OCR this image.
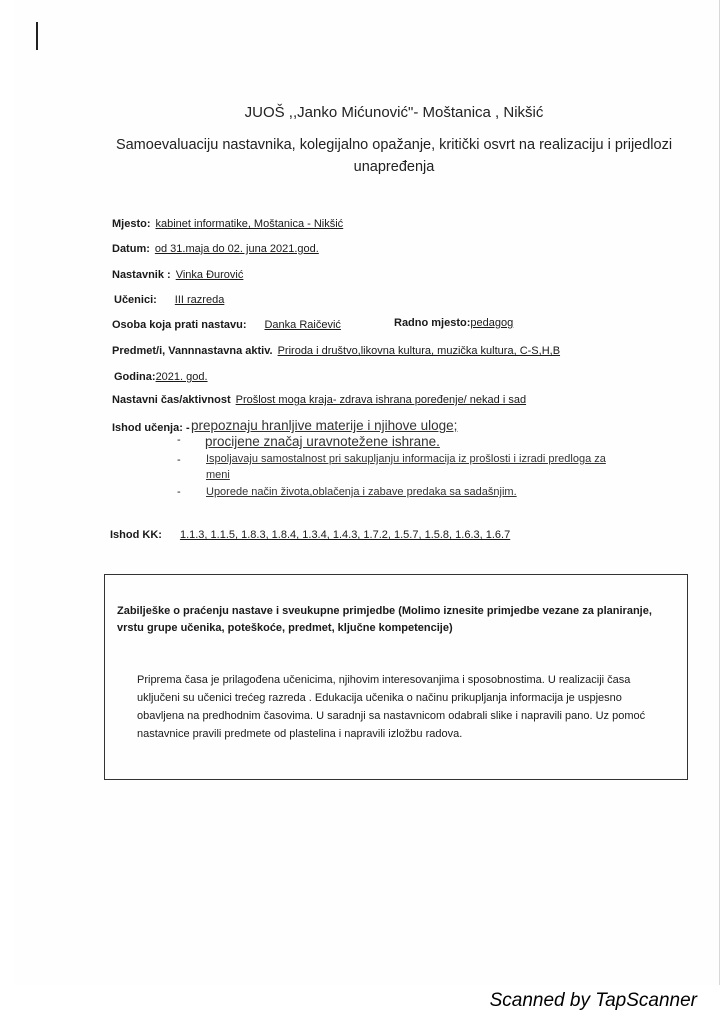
JUOŠ ,,Janko Mićunović"- Moštanica , Nikšić
Samoevaluaciju nastavnika, kolegijalno opažanje, kritički osvrt na realizaciju i prijedlozi unapređenja
Mjesto: kabinet informatike, Moštanica - Nikšić
Datum: od 31.maja do 02. juna 2021.god.
Nastavnik : Vinka Đurović
Učenici: III razreda
Osoba koja prati nastavu: Danka Raičević	Radno mjesto:pedagog
Predmet/i, Vannnastavna aktiv. Priroda i društvo,likovna kultura, muzička kultura, C-S,H,B
Godina:2021. god.
Nastavni čas/aktivnost Prošlost moga kraja- zdrava ishrana poređenje/ nekad i sad
Ishod učenja: - prepoznaju hranljive materije i njihove uloge;
- procijene značaj uravnotežene ishrane.
- Ispoljavaju samostalnost pri sakupljanju informacija iz prošlosti i izradi predloga za meni
- Uporede način života,oblačenja i zabave predaka sa sadašnjim.
Ishod KK: 1.1.3, 1.1.5, 1.8.3, 1.8.4, 1.3.4, 1.4.3, 1.7.2, 1.5.7, 1.5.8, 1.6.3, 1.6.7
Zabilješke o praćenju nastave i sveukupne primjedbe (Molimo iznesite primjedbe vezane za planiranje, vrstu grupe učenika, poteškoće, predmet, ključne kompetencije)
Priprema časa je prilagođena učenicima, njihovim interesovanjima i sposobnostima. U realizaciji časa uključeni su učenici trećeg razreda . Edukacija učenika o načinu prikupljanja informacija je uspjesno obavljena na predhodnim časovima. U saradnji sa nastavnicom odabrali slike i napravili pano. Uz pomoć nastavnice pravili predmete od plastelina i napravili izložbu radova.
Scanned by TapScanner
